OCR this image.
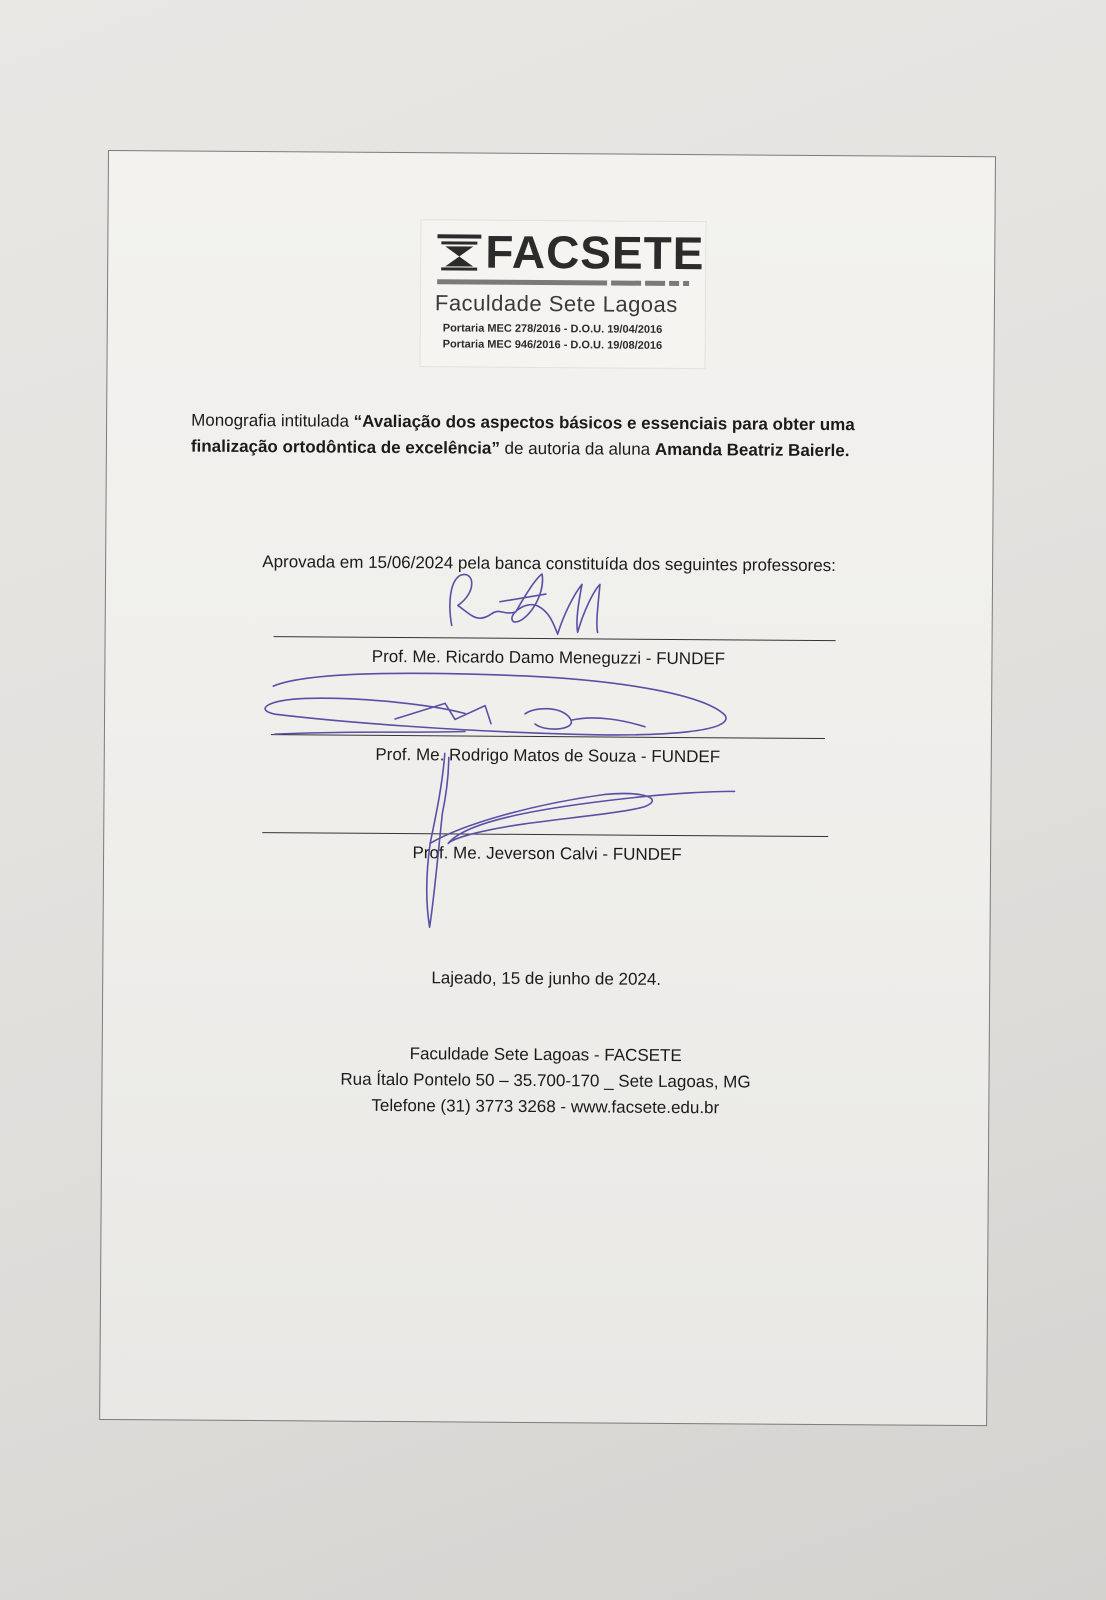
FACSETE
Faculdade Sete Lagoas
Portaria MEC 278/2016 - D.O.U. 19/04/2016
Portaria MEC 946/2016 - D.O.U. 19/08/2016
Monografia intitulada “Avaliação dos aspectos básicos e essenciais para obter uma finalização ortodôntica de excelência” de autoria da aluna Amanda Beatriz Baierle.
Aprovada em 15/06/2024 pela banca constituída dos seguintes professores:
Prof. Me. Ricardo Damo Meneguzzi - FUNDEF
Prof. Me. Rodrigo Matos de Souza - FUNDEF
Prof. Me. Jeverson Calvi - FUNDEF
Lajeado, 15 de junho de 2024.
Faculdade Sete Lagoas - FACSETE
Rua Ítalo Pontelo 50 – 35.700-170 _ Sete Lagoas, MG
Telefone (31) 3773 3268 - www.facsete.edu.br
